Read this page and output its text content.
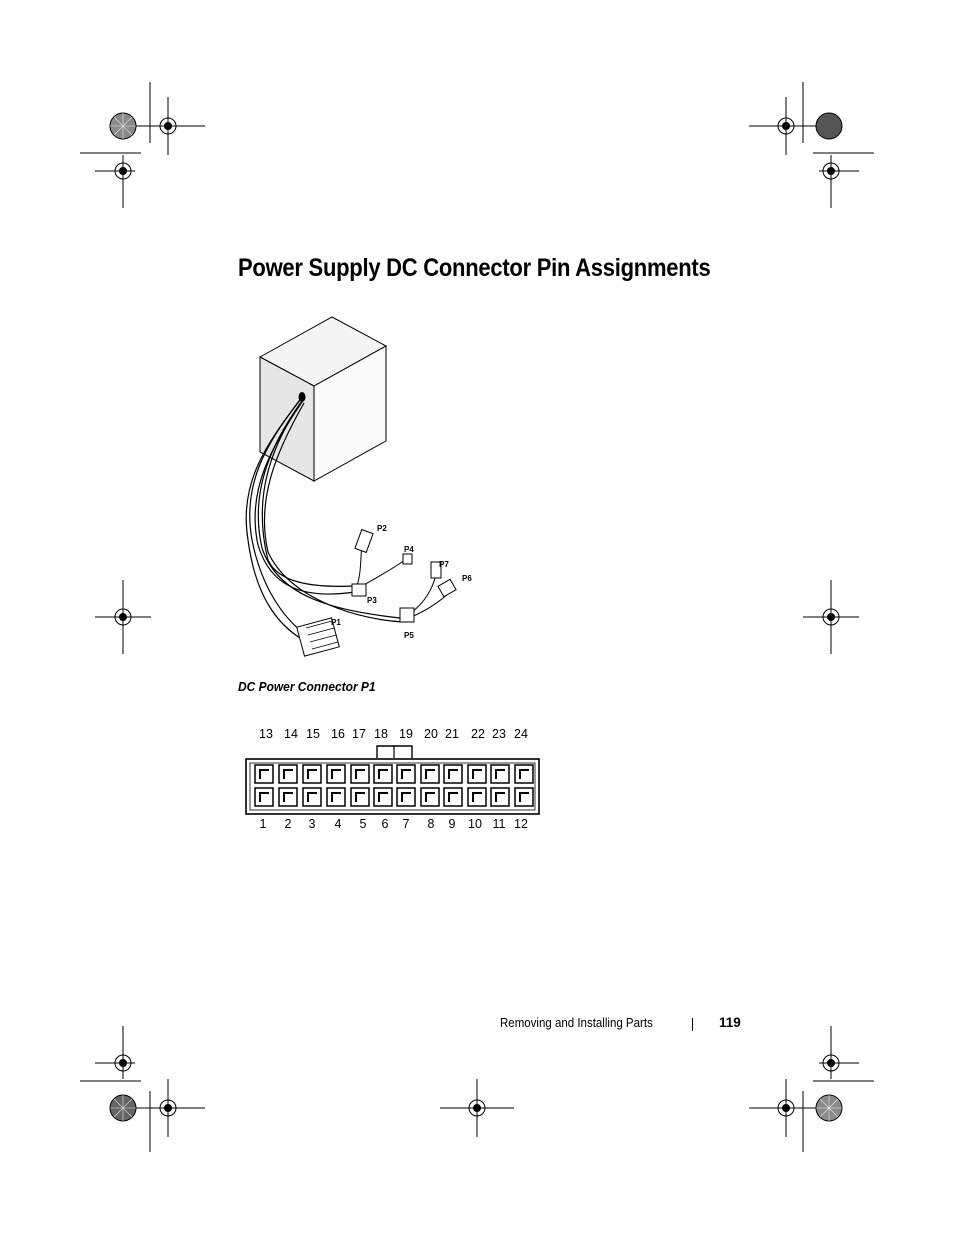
Power Supply DC Connector Pin Assignments
P2
P4
P7
P6
P3
P1
P5
DC Power Connector P1
13 14 15 16 17 18 19 20 21 22 23 24
1 2 3 4 5 6 7 8 9 10 11 12
Removing and Installing Parts	119
